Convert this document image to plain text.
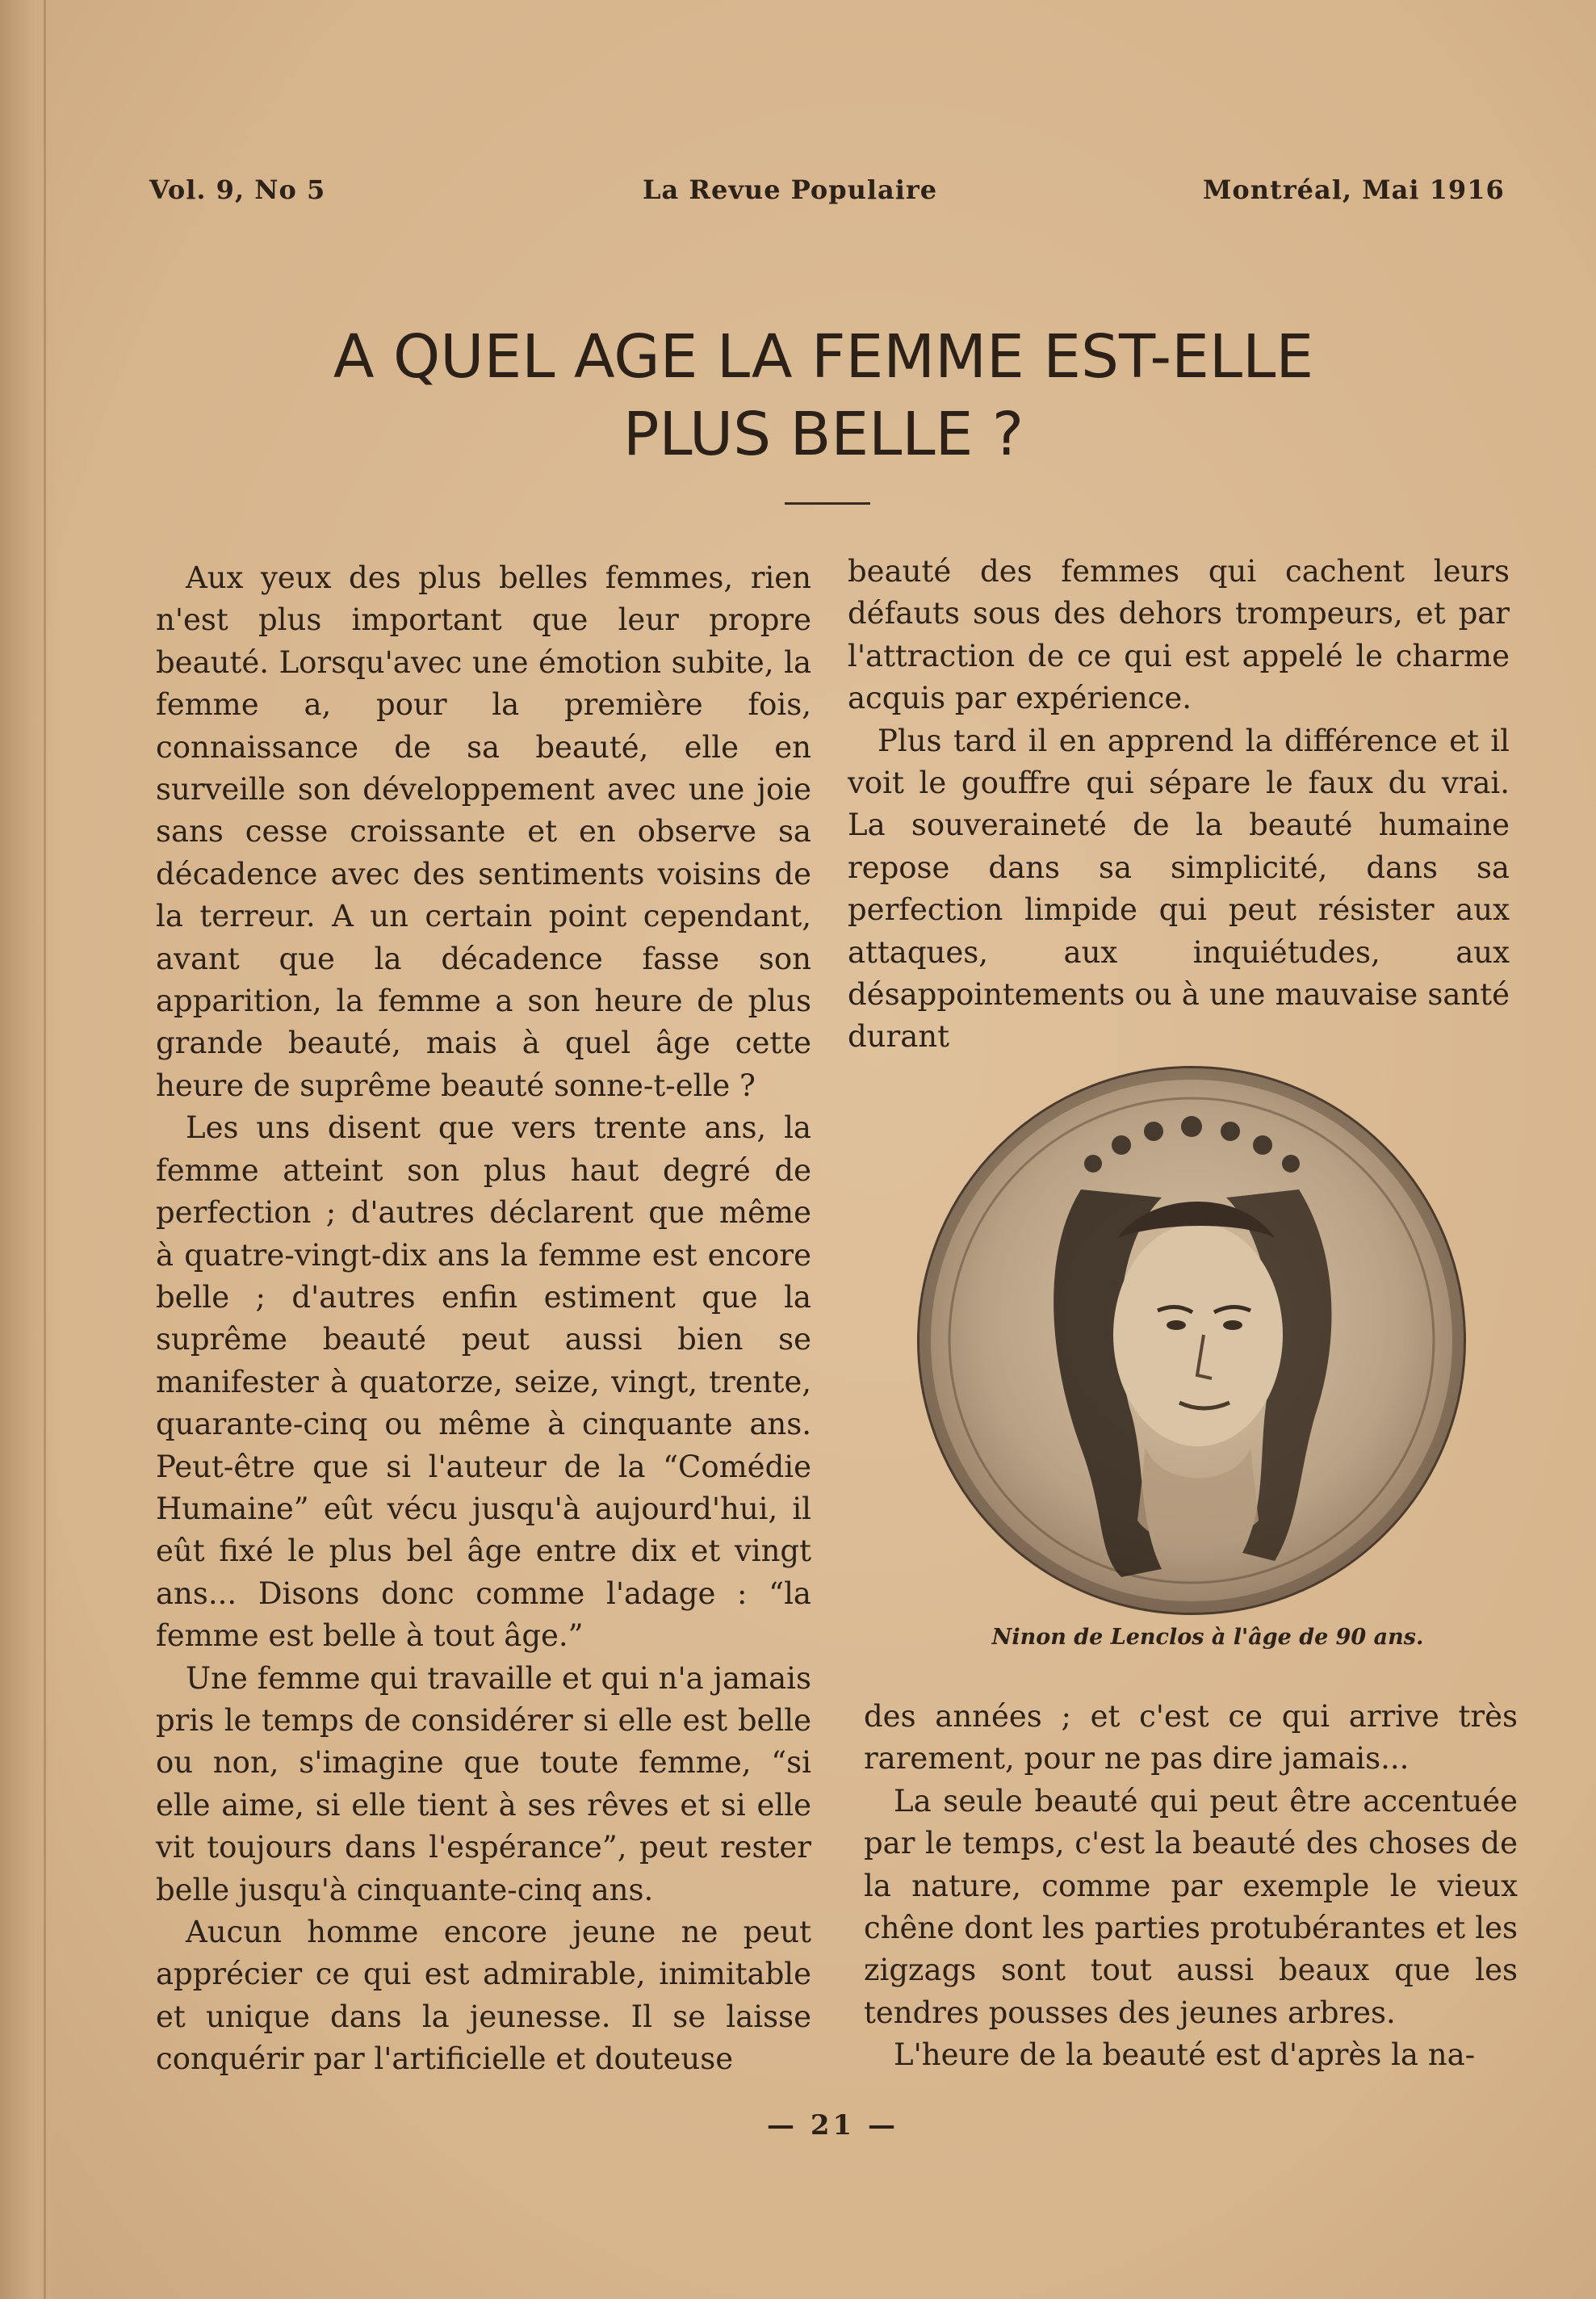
Vol. 9, No 5	La Revue Populaire	Montréal, Mai 1916
A QUEL AGE LA FEMME EST-ELLE
PLUS BELLE ?

Aux yeux des plus belles femmes, rien n'est plus important que leur propre beauté. Lorsqu'avec une émotion subite, la femme a, pour la première fois, connaissance de sa beauté, elle en surveille son développement avec une joie sans cesse croissante et en observe sa décadence avec des sentiments voisins de la terreur. A un certain point cependant, avant que la décadence fasse son apparition, la femme a son heure de plus grande beauté, mais à quel âge cette heure de suprême beauté sonne-t-elle ?

Les uns disent que vers trente ans, la femme atteint son plus haut degré de perfection ; d'autres déclarent que même à quatre-vingt-dix ans la femme est encore belle ; d'autres enfin estiment que la suprême beauté peut aussi bien se manifester à quatorze, seize, vingt, trente, quarante-cinq ou même à cinquante ans. Peut-être que si l'auteur de la “Comédie Humaine” eût vécu jusqu'à aujourd'hui, il eût fixé le plus bel âge entre dix et vingt ans... Disons donc comme l'adage : “la femme est belle à tout âge.”

Une femme qui travaille et qui n'a jamais pris le temps de considérer si elle est belle ou non, s'imagine que toute femme, “si elle aime, si elle tient à ses rêves et si elle vit toujours dans l'espérance”, peut rester belle jusqu'à cinquante-cinq ans.

Aucun homme encore jeune ne peut apprécier ce qui est admirable, inimitable et unique dans la jeunesse. Il se laisse conquérir par l'artificielle et douteuse

beauté des femmes qui cachent leurs défauts sous des dehors trompeurs, et par l'attraction de ce qui est appelé le charme acquis par expérience.

Plus tard il en apprend la différence et il voit le gouffre qui sépare le faux du vrai. La souveraineté de la beauté humaine repose dans sa simplicité, dans sa perfection limpide qui peut résister aux attaques, aux inquiétudes, aux désappointements ou à une mauvaise santé durant

Ninon de Lenclos à l'âge de 90 ans.

des années ; et c'est ce qui arrive très rarement, pour ne pas dire jamais...

La seule beauté qui peut être accentuée par le temps, c'est la beauté des choses de la nature, comme par exemple le vieux chêne dont les parties protubérantes et les zigzags sont tout aussi beaux que les tendres pousses des jeunes arbres.

L'heure de la beauté est d'après la na-

— 21 —
